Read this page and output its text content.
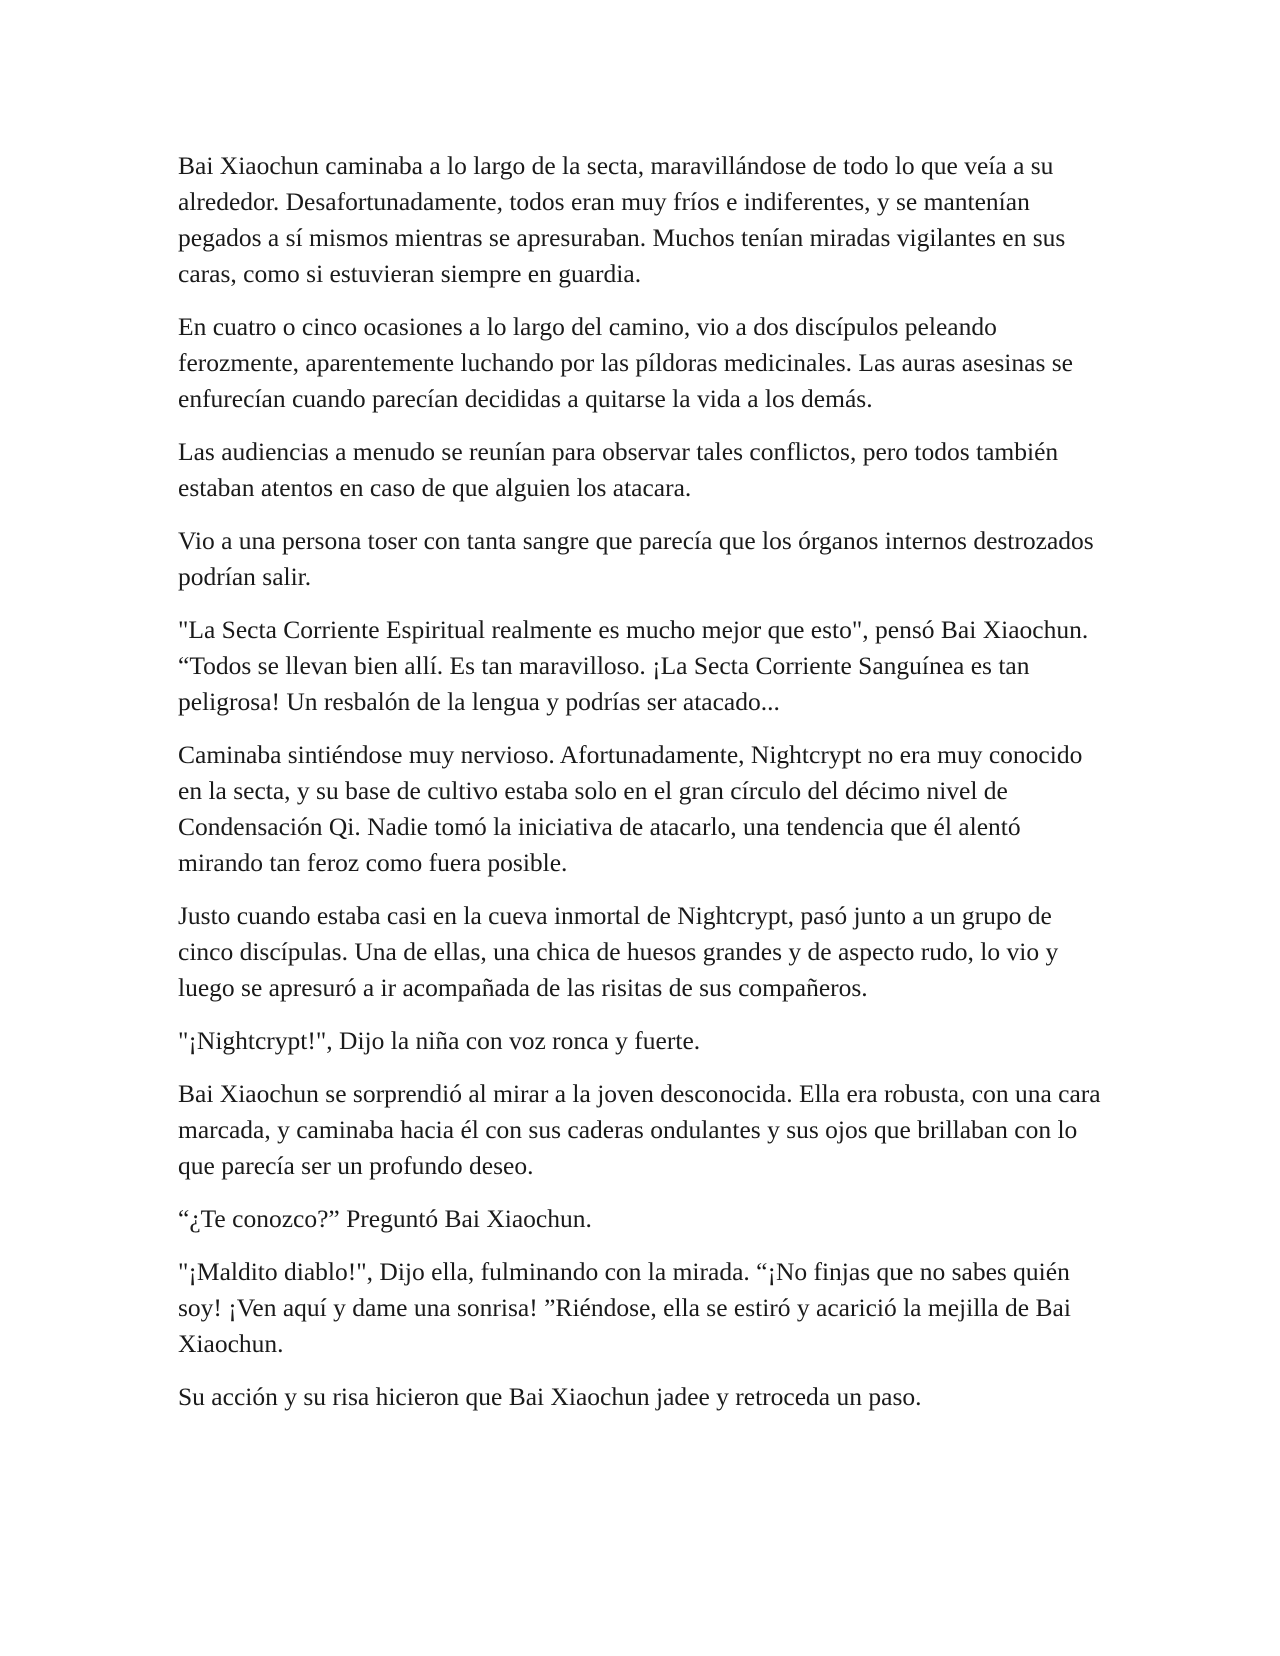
Bai Xiaochun caminaba a lo largo de la secta, maravillándose de todo lo que veía a su alrededor. Desafortunadamente, todos eran muy fríos e indiferentes, y se mantenían pegados a sí mismos mientras se apresuraban. Muchos tenían miradas vigilantes en sus caras, como si estuvieran siempre en guardia.

En cuatro o cinco ocasiones a lo largo del camino, vio a dos discípulos peleando ferozmente, aparentemente luchando por las píldoras medicinales. Las auras asesinas se enfurecían cuando parecían decididas a quitarse la vida a los demás.

Las audiencias a menudo se reunían para observar tales conflictos, pero todos también estaban atentos en caso de que alguien los atacara.

Vio a una persona toser con tanta sangre que parecía que los órganos internos destrozados podrían salir.

"La Secta Corriente Espiritual realmente es mucho mejor que esto", pensó Bai Xiaochun. “Todos se llevan bien allí. Es tan maravilloso. ¡La Secta Corriente Sanguínea es tan peligrosa! Un resbalón de la lengua y podrías ser atacado...

Caminaba sintiéndose muy nervioso. Afortunadamente, Nightcrypt no era muy conocido en la secta, y su base de cultivo estaba solo en el gran círculo del décimo nivel de Condensación Qi. Nadie tomó la iniciativa de atacarlo, una tendencia que él alentó mirando tan feroz como fuera posible.

Justo cuando estaba casi en la cueva inmortal de Nightcrypt, pasó junto a un grupo de cinco discípulas. Una de ellas, una chica de huesos grandes y de aspecto rudo, lo vio y luego se apresuró a ir acompañada de las risitas de sus compañeros.

"¡Nightcrypt!", Dijo la niña con voz ronca y fuerte.

Bai Xiaochun se sorprendió al mirar a la joven desconocida. Ella era robusta, con una cara marcada, y caminaba hacia él con sus caderas ondulantes y sus ojos que brillaban con lo que parecía ser un profundo deseo.

“¿Te conozco?” Preguntó Bai Xiaochun.

"¡Maldito diablo!", Dijo ella, fulminando con la mirada. “¡No finjas que no sabes quién soy! ¡Ven aquí y dame una sonrisa! ”Riéndose, ella se estiró y acarició la mejilla de Bai Xiaochun.

Su acción y su risa hicieron que Bai Xiaochun jadee y retroceda un paso.
